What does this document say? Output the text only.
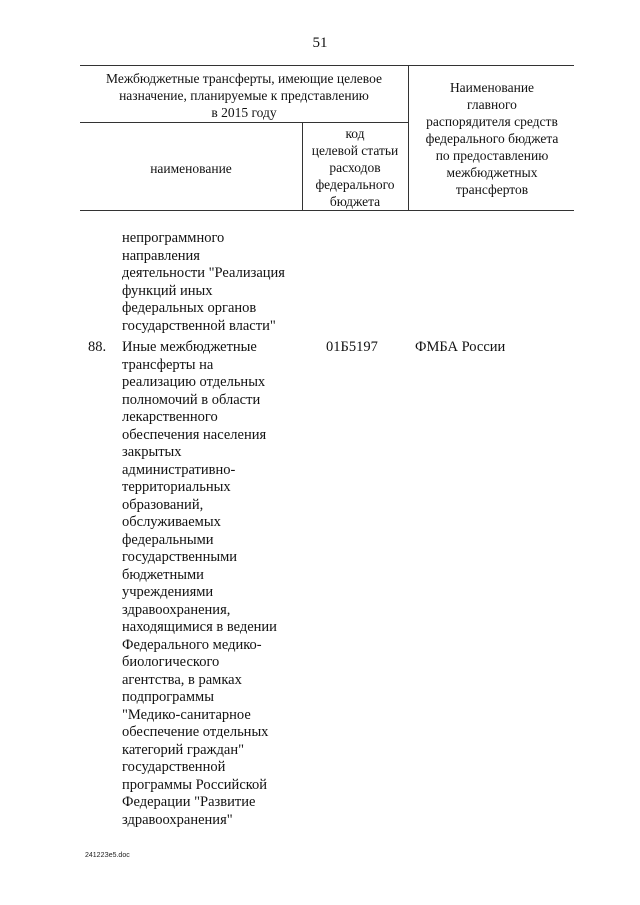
51
Межбюджетные трансферты, имеющие целевое
назначение, планируемые к представлению
в 2015 году
наименование
код
целевой статьи
расходов
федерального
бюджета
Наименование
главного
распорядителя средств
федерального бюджета
по предоставлению
межбюджетных
трансфертов
непрограммного
направления
деятельности "Реализация
функций иных
федеральных органов
государственной власти"
88.	Иные межбюджетные
трансферты на
реализацию отдельных
полномочий в области
лекарственного
обеспечения населения
закрытых
административно-
территориальных
образований,
обслуживаемых
федеральными
государственными
бюджетными
учреждениями
здравоохранения,
находящимися в ведении
Федерального медико-
биологического
агентства, в рамках
подпрограммы
"Медико-санитарное
обеспечение отдельных
категорий граждан"
государственной
программы Российской
Федерации "Развитие
здравоохранения"
01Б5197	ФМБА России
24122Зе5.doc
